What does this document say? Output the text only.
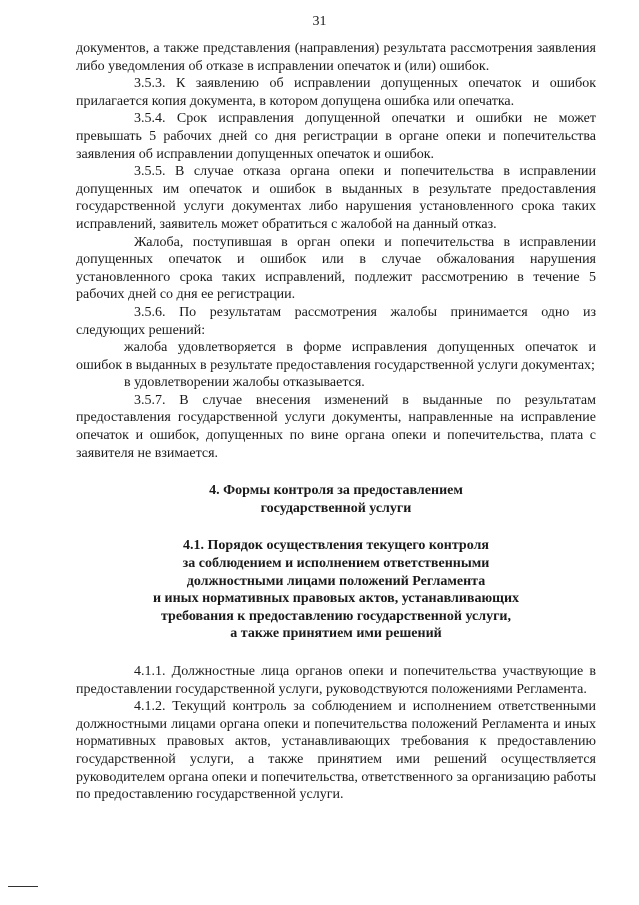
31

документов, а также представления (направления) результата рассмотрения заявления либо уведомления об отказе в исправлении опечаток и (или) ошибок.

3.5.3. К заявлению об исправлении допущенных опечаток и ошибок прилагается копия документа, в котором допущена ошибка или опечатка.

3.5.4. Срок исправления допущенной опечатки и ошибки не может превышать 5 рабочих дней со дня регистрации в органе опеки и попечительства заявления об исправлении допущенных опечаток и ошибок.

3.5.5. В случае отказа органа опеки и попечительства в исправлении допущенных им опечаток и ошибок в выданных в результате предоставления государственной услуги документах либо нарушения установленного срока таких исправлений, заявитель может обратиться с жалобой на данный отказ.

Жалоба, поступившая в орган опеки и попечительства в исправлении допущенных опечаток и ошибок или в случае обжалования нарушения установленного срока таких исправлений, подлежит рассмотрению в течение 5 рабочих дней со дня ее регистрации.

3.5.6. По результатам рассмотрения жалобы принимается одно из следующих решений:

жалоба удовлетворяется в форме исправления допущенных опечаток и ошибок в выданных в результате предоставления государственной услуги документах;

в удовлетворении жалобы отказывается.

3.5.7. В случае внесения изменений в выданные по результатам предоставления государственной услуги документы, направленные на исправление опечаток и ошибок, допущенных по вине органа опеки и попечительства, плата с заявителя не взимается.

4. Формы контроля за предоставлением
государственной услуги
4.1. Порядок осуществления текущего контроля
за соблюдением и исполнением ответственными
должностными лицами положений Регламента
и иных нормативных правовых актов, устанавливающих
требования к предоставлению государственной услуги,
а также принятием ими решений

4.1.1. Должностные лица органов опеки и попечительства участвующие в предоставлении государственной услуги, руководствуются положениями Регламента.

4.1.2. Текущий контроль за соблюдением и исполнением ответственными должностными лицами органа опеки и попечительства положений Регламента и иных нормативных правовых актов, устанавливающих требования к предоставлению государственной услуги, а также принятием ими решений осуществляется руководителем органа опеки и попечительства, ответственного за организацию работы по предоставлению государственной услуги.
